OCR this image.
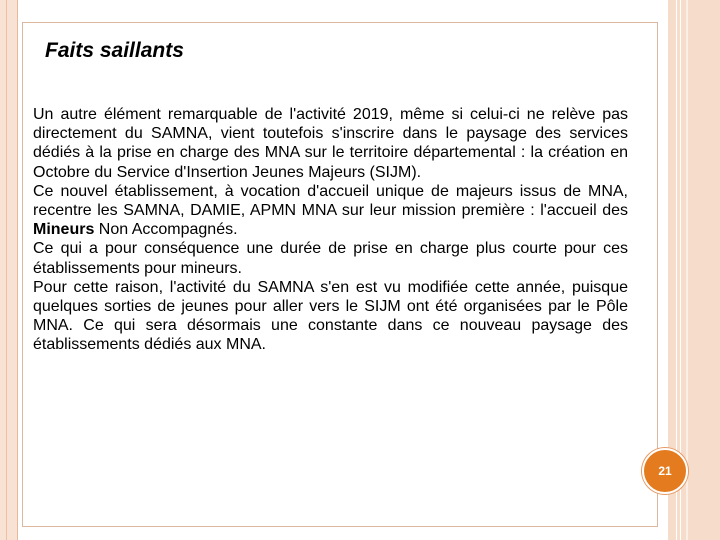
Faits saillants

Un autre élément remarquable de l'activité 2019, même si celui-ci ne relève pas directement du SAMNA, vient toutefois s'inscrire dans le paysage des services dédiés à la prise en charge des MNA sur le territoire départemental : la création en Octobre du Service d'Insertion Jeunes Majeurs (SIJM).

Ce nouvel établissement, à vocation d'accueil unique de majeurs issus de MNA, recentre les SAMNA, DAMIE, APMN MNA sur leur mission première : l'accueil des Mineurs Non Accompagnés.

Ce qui a pour conséquence une durée de prise en charge plus courte pour ces établissements pour mineurs.

Pour cette raison, l'activité du SAMNA s'en est vu modifiée cette année, puisque quelques sorties de jeunes pour aller vers le SIJM ont été organisées par le Pôle MNA. Ce qui sera désormais une constante dans ce nouveau paysage des établissements dédiés aux MNA.

21
